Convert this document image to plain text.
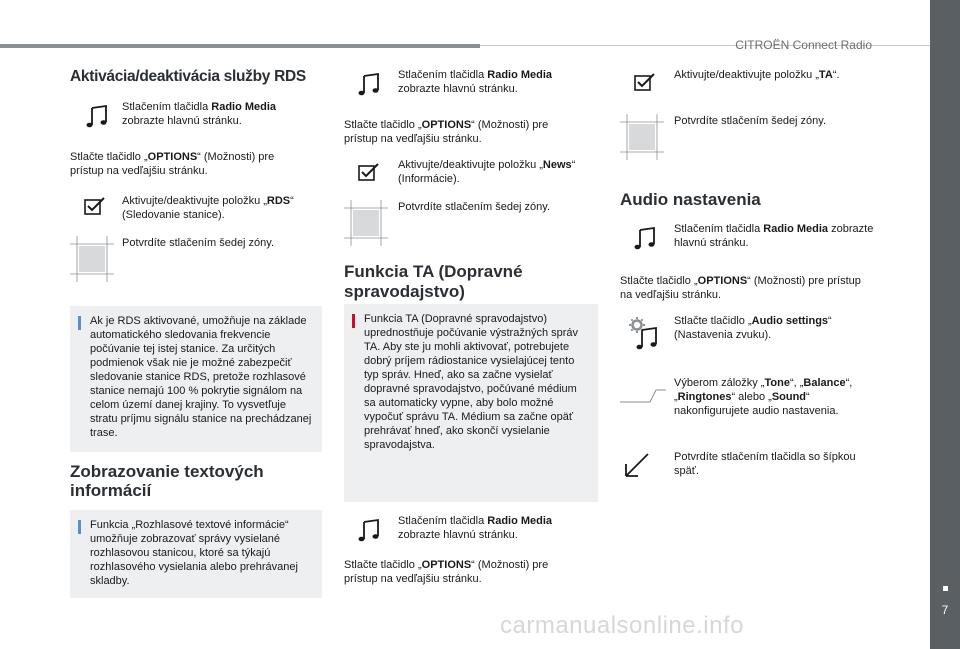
CITROËN Connect Radio
7
carmanualsonline.info
Aktivácia/deaktivácia služby RDS
Stlačením tlačidla Radio Media zobrazte hlavnú stránku.
Stlačte tlačidlo „OPTIONS“ (Možnosti) pre prístup na vedľajšiu stránku.
Aktivujte/deaktivujte položku „RDS“ (Sledovanie stanice).
Potvrdíte stlačením šedej zóny.
Ak je RDS aktivované, umožňuje na základe automatického sledovania frekvencie počúvanie tej istej stanice. Za určitých podmienok však nie je možné zabezpečiť sledovanie stanice RDS, pretože rozhlasové stanice nemajú 100 % pokrytie signálom na celom území danej krajiny. To vysvetľuje stratu príjmu signálu stanice na prechádzanej trase.
Zobrazovanie textových informácií
Funkcia „Rozhlasové textové informácie“ umožňuje zobrazovať správy vysielané rozhlasovou stanicou, ktoré sa týkajú rozhlasového vysielania alebo prehrávanej skladby.
Stlačením tlačidla Radio Media zobrazte hlavnú stránku.
Stlačte tlačidlo „OPTIONS“ (Možnosti) pre prístup na vedľajšiu stránku.
Aktivujte/deaktivujte položku „News“ (Informácie).
Potvrdíte stlačením šedej zóny.
Funkcia TA (Dopravné spravodajstvo)
Funkcia TA (Dopravné spravodajstvo) uprednostňuje počúvanie výstražných správ TA. Aby ste ju mohli aktivovať, potrebujete dobrý príjem rádiostanice vysielajúcej tento typ správ. Hneď, ako sa začne vysielať dopravné spravodajstvo, počúvané médium sa automaticky vypne, aby bolo možné vypočuť správu TA. Médium sa začne opäť prehrávať hneď, ako skončí vysielanie spravodajstva.
Stlačením tlačidla Radio Media zobrazte hlavnú stránku.
Stlačte tlačidlo „OPTIONS“ (Možnosti) pre prístup na vedľajšiu stránku.
Aktivujte/deaktivujte položku „TA“.
Potvrdíte stlačením šedej zóny.
Audio nastavenia
Stlačením tlačidla Radio Media zobrazte hlavnú stránku.
Stlačte tlačidlo „OPTIONS“ (Možnosti) pre prístup na vedľajšiu stránku.
Stlačte tlačidlo „Audio settings“ (Nastavenia zvuku).
Výberom záložky „Tone“, „Balance“, „Ringtones“ alebo „Sound“ nakonfigurujete audio nastavenia.
Potvrdíte stlačením tlačidla so šípkou späť.
